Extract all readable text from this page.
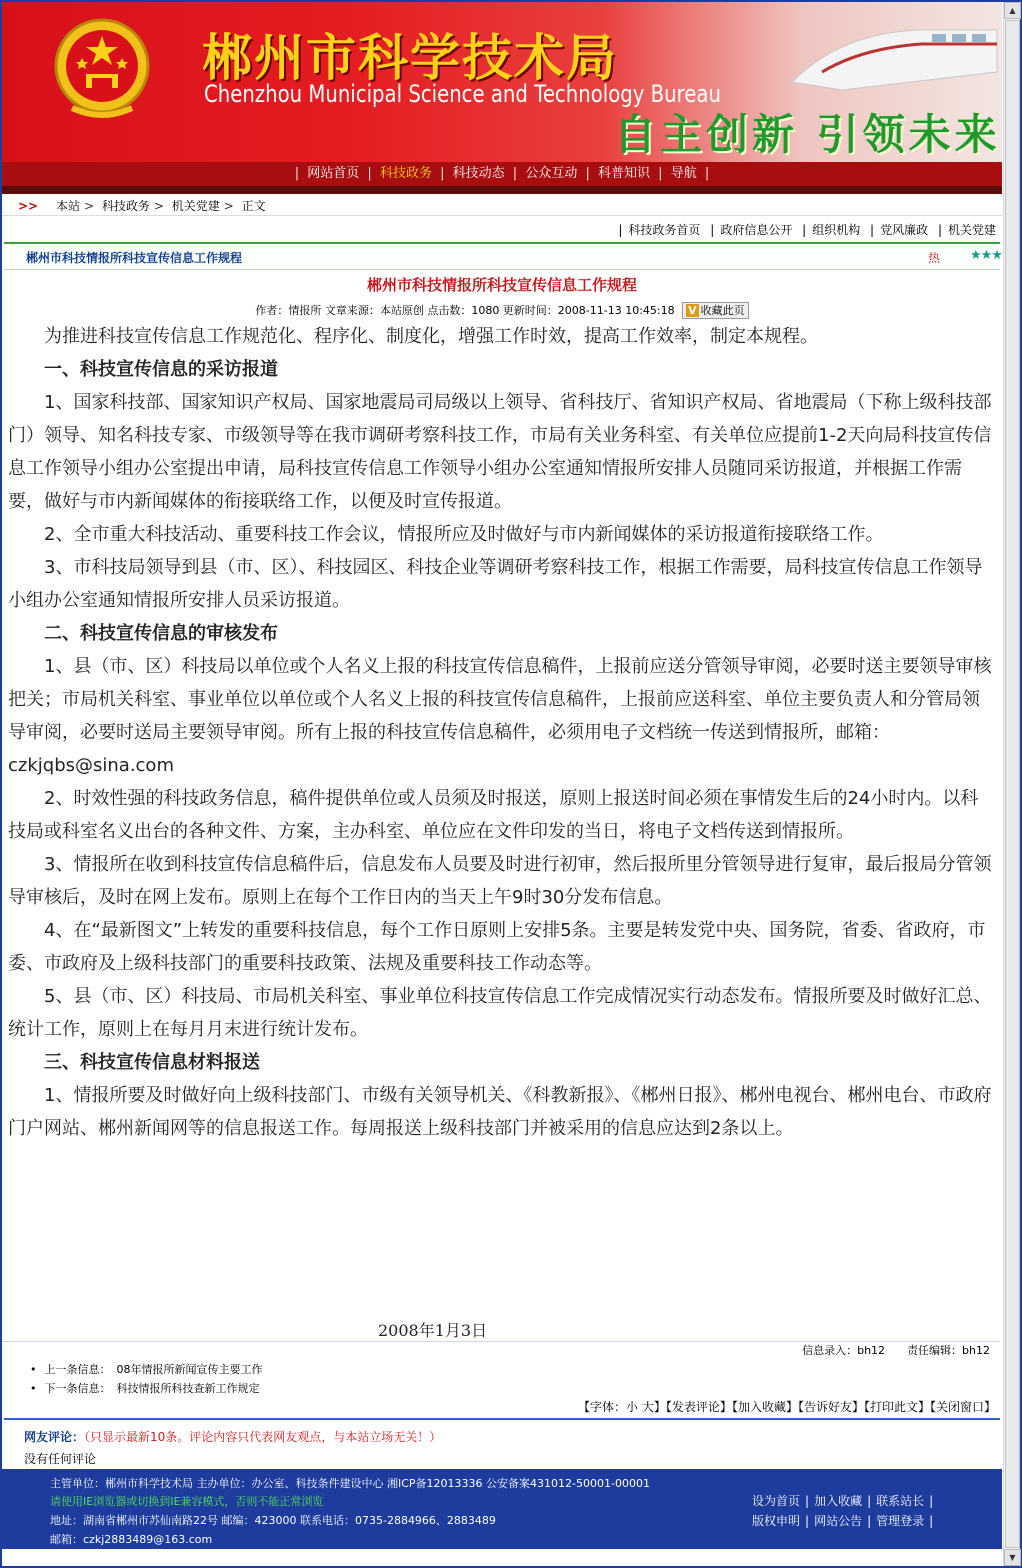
郴州市科学技术局
Chenzhou Municipal Science and Technology Bureau
自主创新 引领未来
| 网站首页 | 科技政务 | 科技动态 | 公众互动 | 科普知识 | 导航 |
>> 本站 > 科技政务 > 机关党建 > 正文
| 科技政务首页 | 政府信息公开 | 组织机构 | 党风廉政 | 机关党建
郴州市科技情报所科技宣传信息工作规程	热 ★★★
郴州市科技情报所科技宣传信息工作规程
作者：情报所 文章来源：本站原创 点击数：1080 更新时间：2008-11-13 10:45:18 V 收藏此页

为推进科技宣传信息工作规范化、程序化、制度化，增强工作时效，提高工作效率，制定本规程。

一、科技宣传信息的采访报道

1、国家科技部、国家知识产权局、国家地震局司局级以上领导、省科技厅、省知识产权局、省地震局（下称上级科技部门）领导、知名科技专家、市级领导等在我市调研考察科技工作，市局有关业务科室、有关单位应提前1-2天向局科技宣传信息工作领导小组办公室提出申请，局科技宣传信息工作领导小组办公室通知情报所安排人员随同采访报道，并根据工作需要，做好与市内新闻媒体的衔接联络工作，以便及时宣传报道。

2、全市重大科技活动、重要科技工作会议，情报所应及时做好与市内新闻媒体的采访报道衔接联络工作。

3、市科技局领导到县（市、区）、科技园区、科技企业等调研考察科技工作，根据工作需要，局科技宣传信息工作领导小组办公室通知情报所安排人员采访报道。

二、科技宣传信息的审核发布

1、县（市、区）科技局以单位或个人名义上报的科技宣传信息稿件，上报前应送分管领导审阅，必要时送主要领导审核把关；市局机关科室、事业单位以单位或个人名义上报的科技宣传信息稿件，上报前应送科室、单位主要负责人和分管局领导审阅，必要时送局主要领导审阅。所有上报的科技宣传信息稿件，必须用电子文档统一传送到情报所，邮箱：czkjqbs@sina.com

2、时效性强的科技政务信息，稿件提供单位或人员须及时报送，原则上报送时间必须在事情发生后的24小时内。以科技局或科室名义出台的各种文件、方案，主办科室、单位应在文件印发的当日，将电子文档传送到情报所。

3、情报所在收到科技宣传信息稿件后，信息发布人员要及时进行初审，然后报所里分管领导进行复审，最后报局分管领导审核后，及时在网上发布。原则上在每个工作日内的当天上午9时30分发布信息。

4、在“最新图文”上转发的重要科技信息，每个工作日原则上安排5条。主要是转发党中央、国务院，省委、省政府，市委、市政府及上级科技部门的重要科技政策、法规及重要科技工作动态等。

5、县（市、区）科技局、市局机关科室、事业单位科技宣传信息工作完成情况实行动态发布。情报所要及时做好汇总、统计工作，原则上在每月月末进行统计发布。

三、科技宣传信息材料报送

1、情报所要及时做好向上级科技部门、市级有关领导机关、《科教新报》、《郴州日报》、郴州电视台、郴州电台、市政府门户网站、郴州新闻网等的信息报送工作。每周报送上级科技部门并被采用的信息应达到2条以上。

2008年1月3日
信息录入：bh12 责任编辑：bh12
• 上一条信息： 08年情报所新闻宣传主要工作
• 下一条信息： 科技情报所科技查新工作规定
【字体：小 大】【发表评论】【加入收藏】【告诉好友】【打印此文】【关闭窗口】
网友评论：（只显示最新10条。评论内容只代表网友观点，与本站立场无关！）
没有任何评论
主管单位：郴州市科学技术局 主办单位：办公室、科技条件建设中心 湘ICP备12013336 公安备案431012-50001-00001
请使用IE浏览器或切换到IE兼容模式，否则不能正常浏览
地址：湖南省郴州市苏仙南路22号 邮编：423000 联系电话：0735-2884966、2883489
邮箱：czkj2883489@163.com
设为首页 | 加入收藏 | 联系站长 |
版权申明 | 网站公告 | 管理登录 |
▲
▼
